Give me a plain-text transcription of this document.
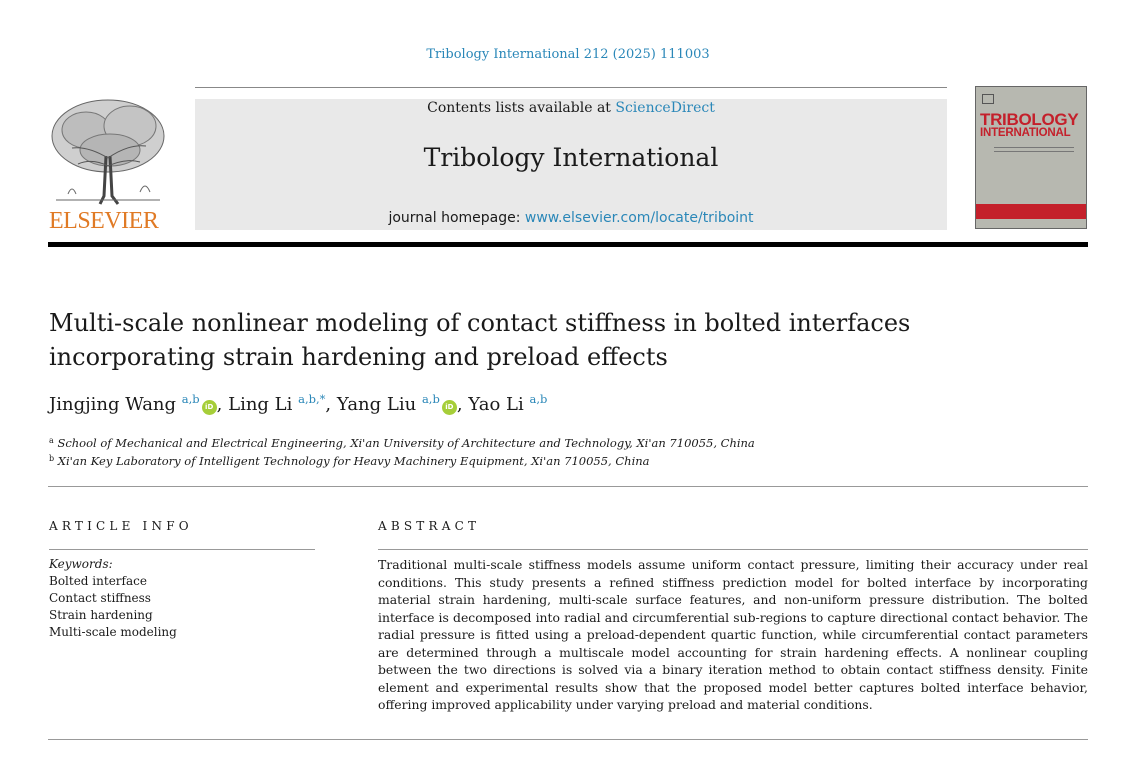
Tribology International 212 (2025) 111003
ELSEVIER
Contents lists available at ScienceDirect
Tribology International
journal homepage: www.elsevier.com/locate/triboint
TRIBOLOGY
INTERNATIONAL
Multi-scale nonlinear modeling of contact stiffness in bolted interfaces incorporating strain hardening and preload effects
Jingjing Wang $^{a,b}$iD , Ling Li $^{a,b,*}$, Yang Liu $^{a,b}$iD , Yao Li $^{a,b}$
$^a$ School of Mechanical and Electrical Engineering, Xi'an University of Architecture and Technology, Xi'an 710055, China
$^b$ Xi'an Key Laboratory of Intelligent Technology for Heavy Machinery Equipment, Xi'an 710055, China
ARTICLE INFO	ABSTRACT
Keywords:
Bolted interface
Contact stiffness
Strain hardening
Multi-scale modeling
Traditional multi-scale stiffness models assume uniform contact pressure, limiting their accuracy under real conditions. This study presents a refined stiffness prediction model for bolted interface by incorporating material strain hardening, multi-scale surface features, and non-uniform pressure distribution. The bolted interface is decomposed into radial and circumferential sub-regions to capture directional contact behavior. The radial pressure is fitted using a preload-dependent quartic function, while circumferential contact parameters are determined through a multiscale model accounting for strain hardening effects. A nonlinear coupling between the two directions is solved via a binary iteration method to obtain contact stiffness density. Finite element and experimental results show that the proposed model better captures bolted interface behavior, offering improved applicability under varying preload and material conditions.
